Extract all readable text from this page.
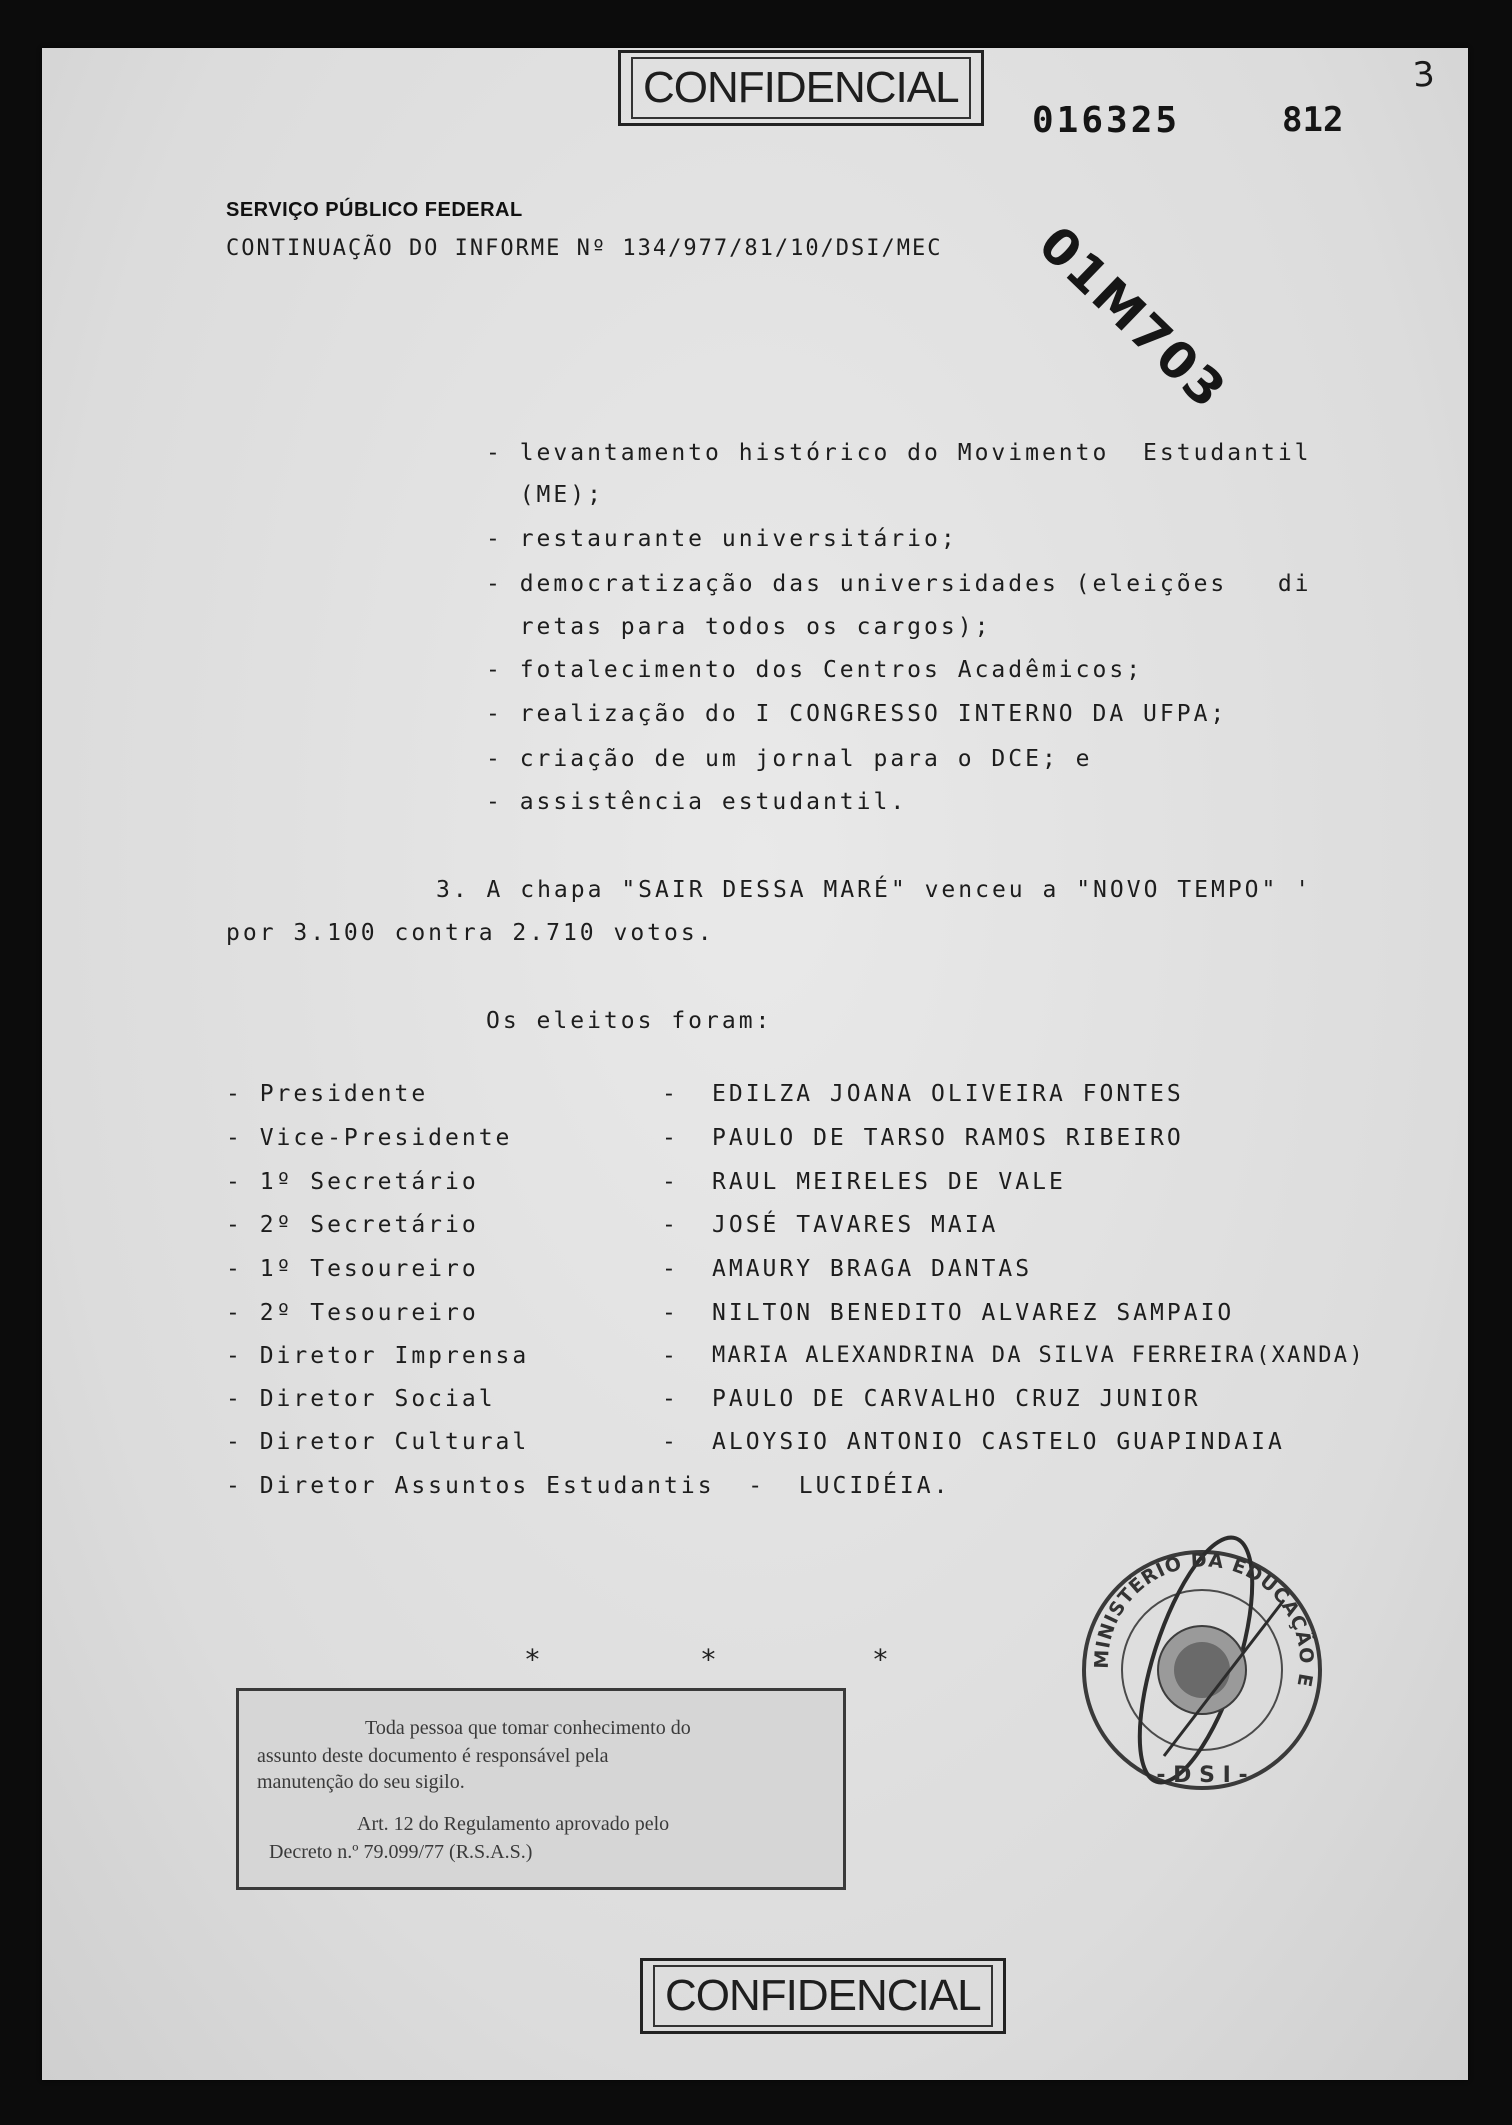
3
CONFIDENCIAL
016325	812
SERVIÇO PÚBLICO FEDERAL
CONTINUAÇÃO DO INFORME Nº 134/977/81/10/DSI/MEC 01M703
- levantamento histórico do Movimento  Estudantil
(ME);
- restaurante universitário;
- democratização das universidades (eleições   di
retas para todos os cargos);
- fotalecimento dos Centros Acadêmicos;
- realização do I CONGRESSO INTERNO DA UFPA;
- criação de um jornal para o DCE; e
- assistência estudantil.
3. A chapa "SAIR DESSA MARÉ" venceu a "NOVO TEMPO" '
por 3.100 contra 2.710 votos.
Os eleitos foram:
- Presidente	- EDILZA JOANA OLIVEIRA FONTES
- Vice-Presidente	- PAULO DE TARSO RAMOS RIBEIRO
- 1º Secretário	- RAUL MEIRELES DE VALE
- 2º Secretário	- JOSÉ TAVARES MAIA
- 1º Tesoureiro	- AMAURY BRAGA DANTAS
- 2º Tesoureiro	- NILTON BENEDITO ALVAREZ SAMPAIO
- Diretor Imprensa	- MARIA ALEXANDRINA DA SILVA FERREIRA(XANDA)
- Diretor Social	- PAULO DE CARVALHO CRUZ JUNIOR
- Diretor Cultural	- ALOYSIO ANTONIO CASTELO GUAPINDAIA
- Diretor Assuntos Estudantis  -  LUCIDÉIA.
*	*	*
Toda pessoa que tomar conhecimento do
assunto deste documento é responsável pela
manutenção do seu sigilo.
Art. 12 do Regulamento aprovado pelo
Decreto n.º 79.099/77 (R.S.A.S.)
MINISTÉRIO DA EDUCAÇÃO E
- D S I -
CONFIDENCIAL
